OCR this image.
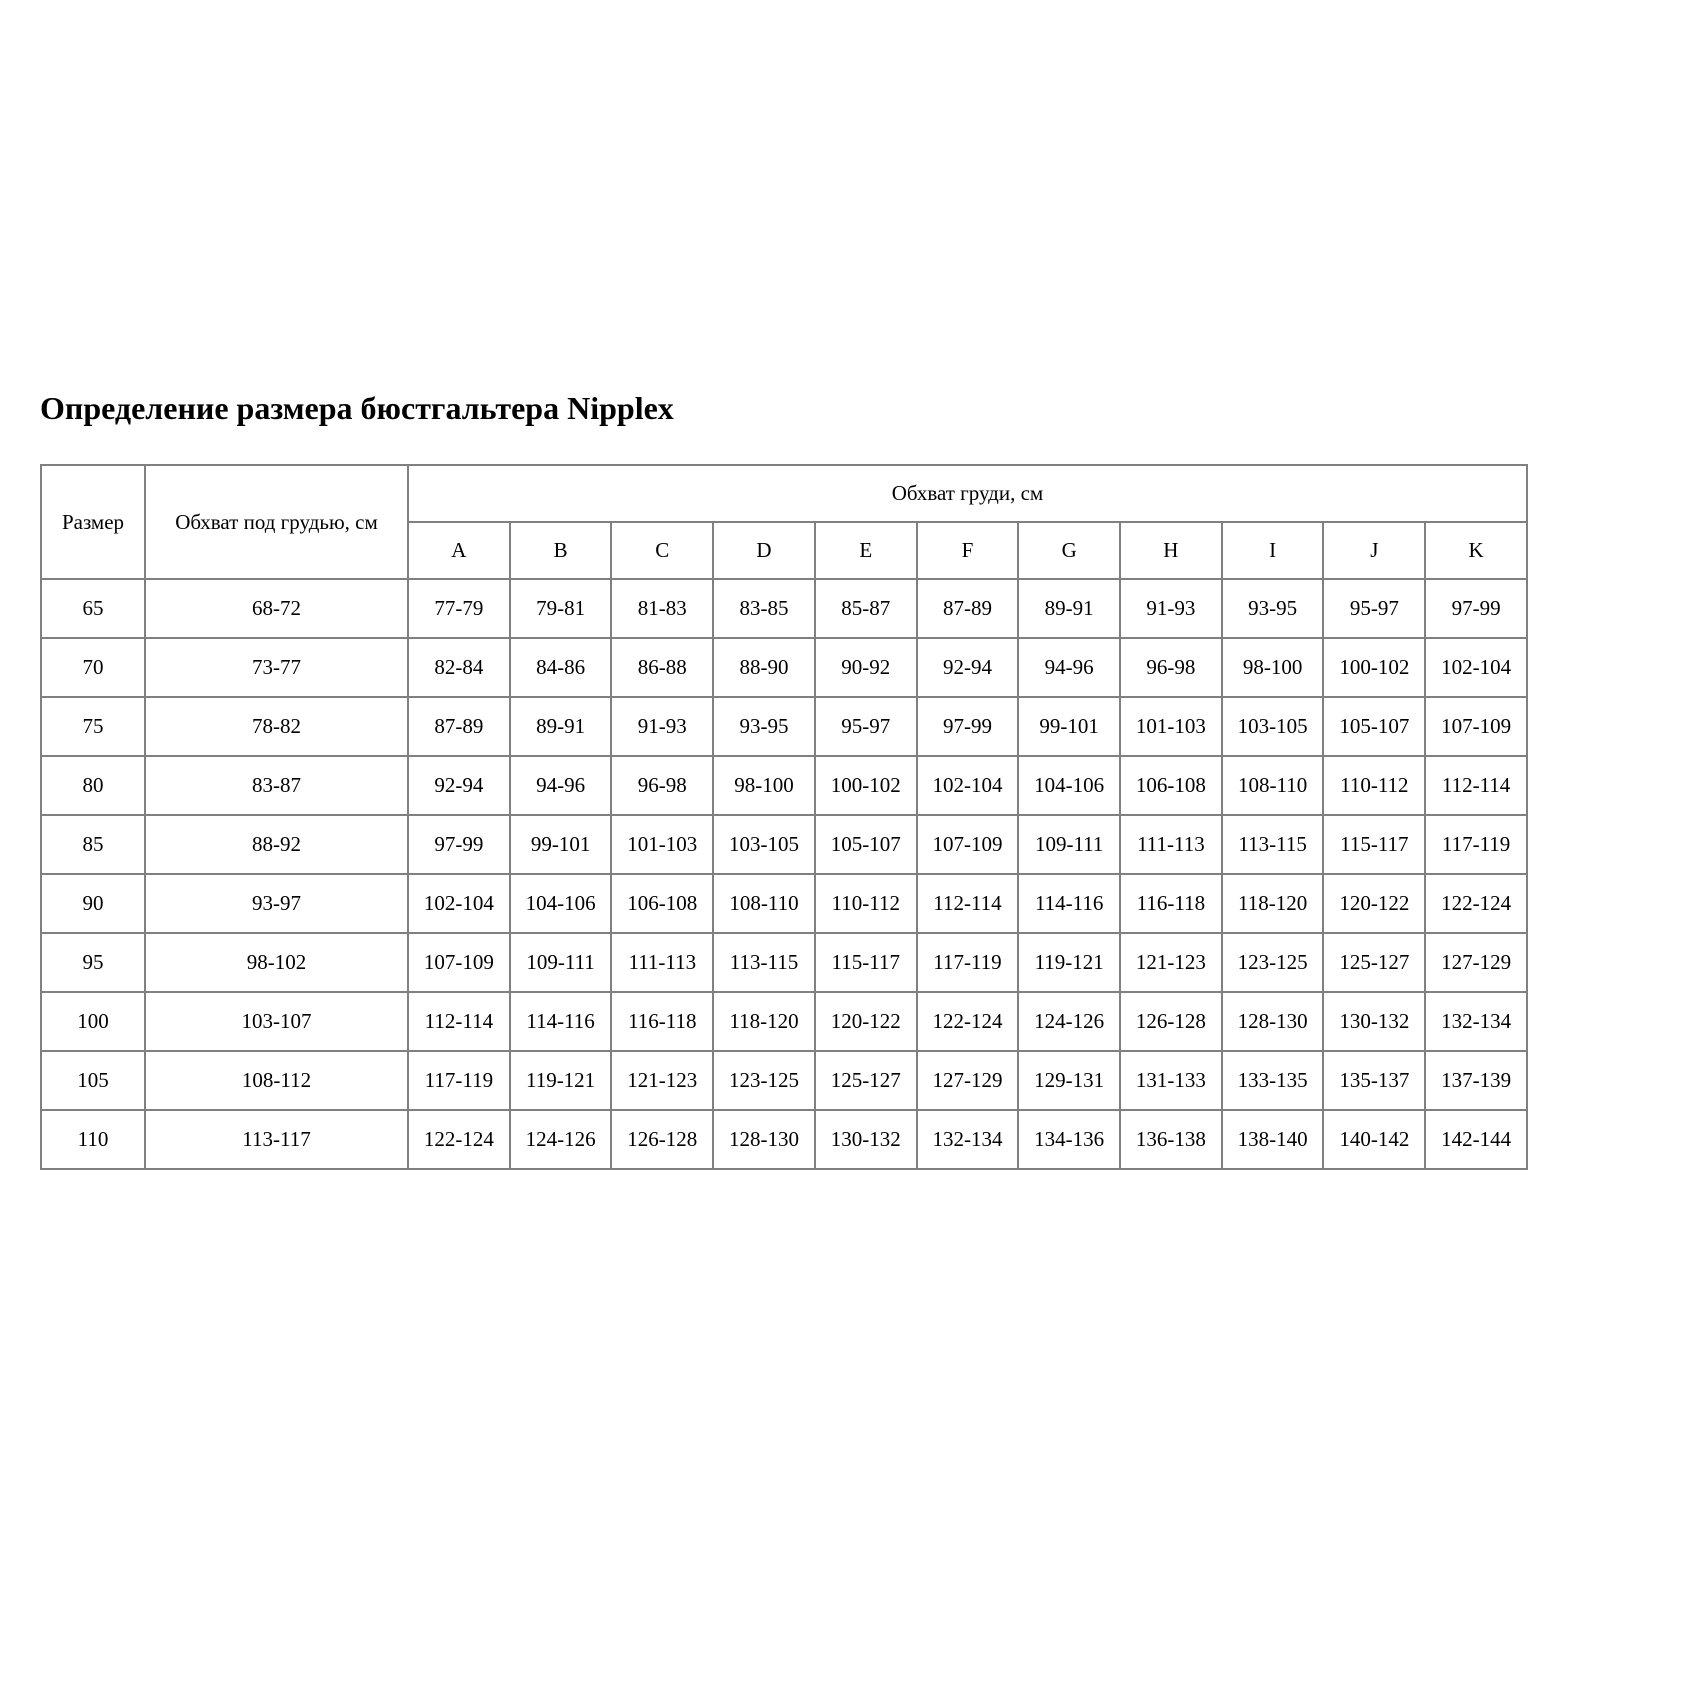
Определение размера бюстгальтера Nipplex
Размер	Обхват под грудью, см	Обхват груди, см										
		A	B	C	D	E	F	G	H	I	J	K
65	68-72	77-79	79-81	81-83	83-85	85-87	87-89	89-91	91-93	93-95	95-97	97-99
70	73-77	82-84	84-86	86-88	88-90	90-92	92-94	94-96	96-98	98-100	100-102	102-104
75	78-82	87-89	89-91	91-93	93-95	95-97	97-99	99-101	101-103	103-105	105-107	107-109
80	83-87	92-94	94-96	96-98	98-100	100-102	102-104	104-106	106-108	108-110	110-112	112-114
85	88-92	97-99	99-101	101-103	103-105	105-107	107-109	109-111	111-113	113-115	115-117	117-119
90	93-97	102-104	104-106	106-108	108-110	110-112	112-114	114-116	116-118	118-120	120-122	122-124
95	98-102	107-109	109-111	111-113	113-115	115-117	117-119	119-121	121-123	123-125	125-127	127-129
100	103-107	112-114	114-116	116-118	118-120	120-122	122-124	124-126	126-128	128-130	130-132	132-134
105	108-112	117-119	119-121	121-123	123-125	125-127	127-129	129-131	131-133	133-135	135-137	137-139
110	113-117	122-124	124-126	126-128	128-130	130-132	132-134	134-136	136-138	138-140	140-142	142-144
